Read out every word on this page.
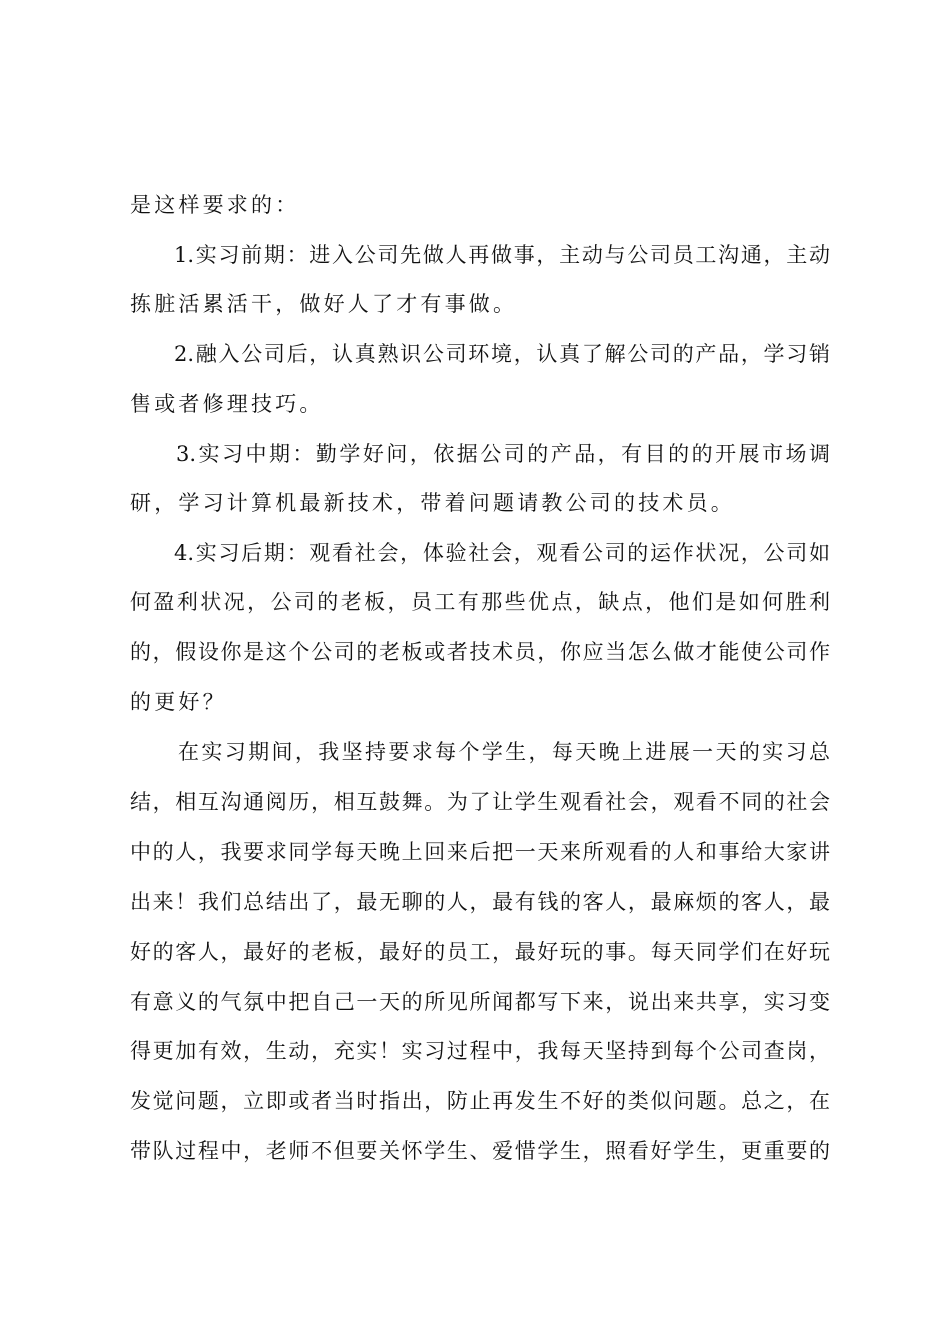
是这样要求的：
1.实习前期：进入公司先做人再做事，主动与公司员工沟通，主动
拣脏活累活干，做好人了才有事做。
2.融入公司后，认真熟识公司环境，认真了解公司的产品，学习销
售或者修理技巧。
3.实习中期：勤学好问，依据公司的产品，有目的的开展市场调
研，学习计算机最新技术，带着问题请教公司的技术员。
4.实习后期：观看社会，体验社会，观看公司的运作状况，公司如
何盈利状况，公司的老板，员工有那些优点，缺点，他们是如何胜利
的，假设你是这个公司的老板或者技术员，你应当怎么做才能使公司作
的更好？
在实习期间，我坚持要求每个学生，每天晚上进展一天的实习总
结，相互沟通阅历，相互鼓舞。为了让学生观看社会，观看不同的社会
中的人，我要求同学每天晚上回来后把一天来所观看的人和事给大家讲
出来！我们总结出了，最无聊的人，最有钱的客人，最麻烦的客人，最
好的客人，最好的老板，最好的员工，最好玩的事。每天同学们在好玩
有意义的气氛中把自己一天的所见所闻都写下来，说出来共享，实习变
得更加有效，生动，充实！实习过程中，我每天坚持到每个公司查岗，
发觉问题，立即或者当时指出，防止再发生不好的类似问题。总之，在
带队过程中，老师不但要关怀学生、爱惜学生，照看好学生，更重要的
